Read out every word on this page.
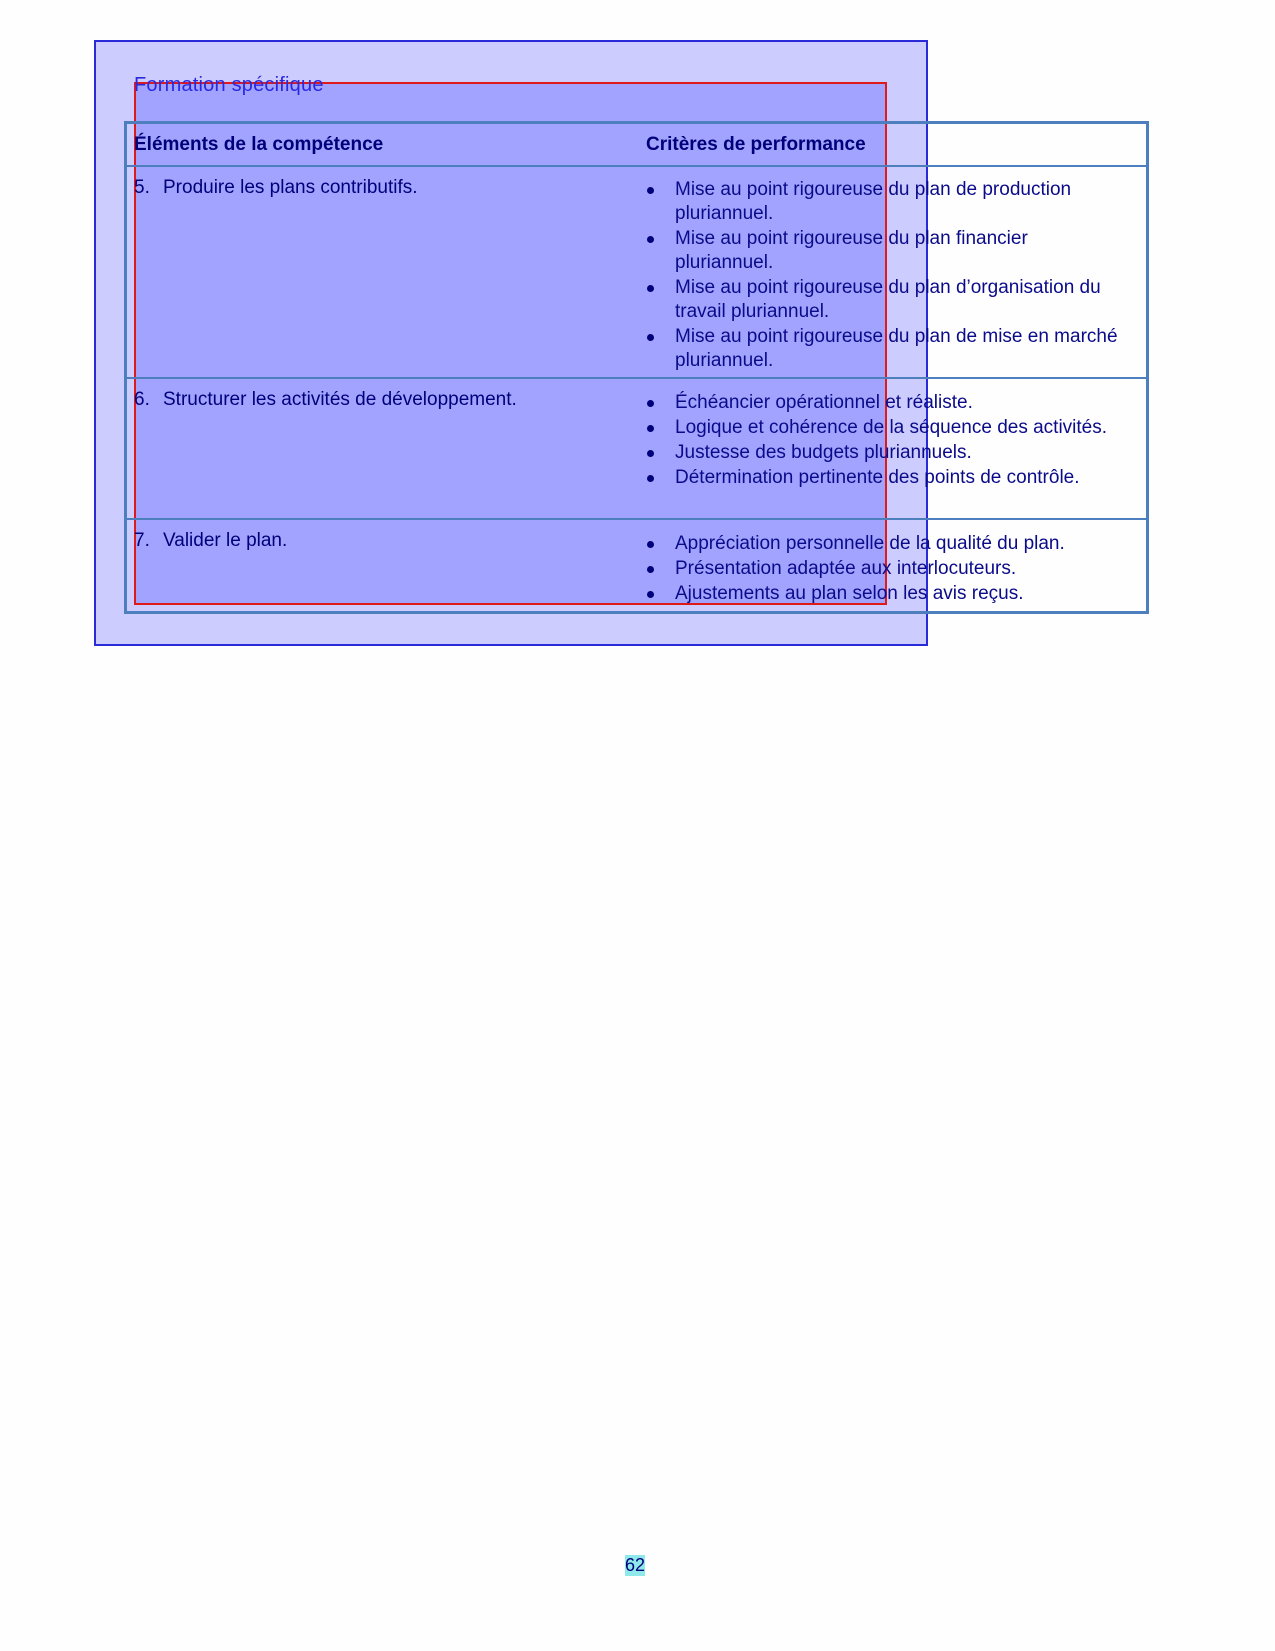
Formation spécifique
Éléments de la compétence	Critères de performance
5. Produire les plans contributifs.	Mise au point rigoureuse du plan de production pluriannuel.
Mise au point rigoureuse du plan financier pluriannuel.
Mise au point rigoureuse du plan d’organisation du travail pluriannuel.
Mise au point rigoureuse du plan de mise en marché pluriannuel.
6. Structurer les activités de développement.	Échéancier opérationnel et réaliste.
Logique et cohérence de la séquence des activités.
Justesse des budgets pluriannuels.
Détermination pertinente des points de contrôle.
7. Valider le plan.	Appréciation personnelle de la qualité du plan.
Présentation adaptée aux interlocuteurs.
Ajustements au plan selon les avis reçus.
62
